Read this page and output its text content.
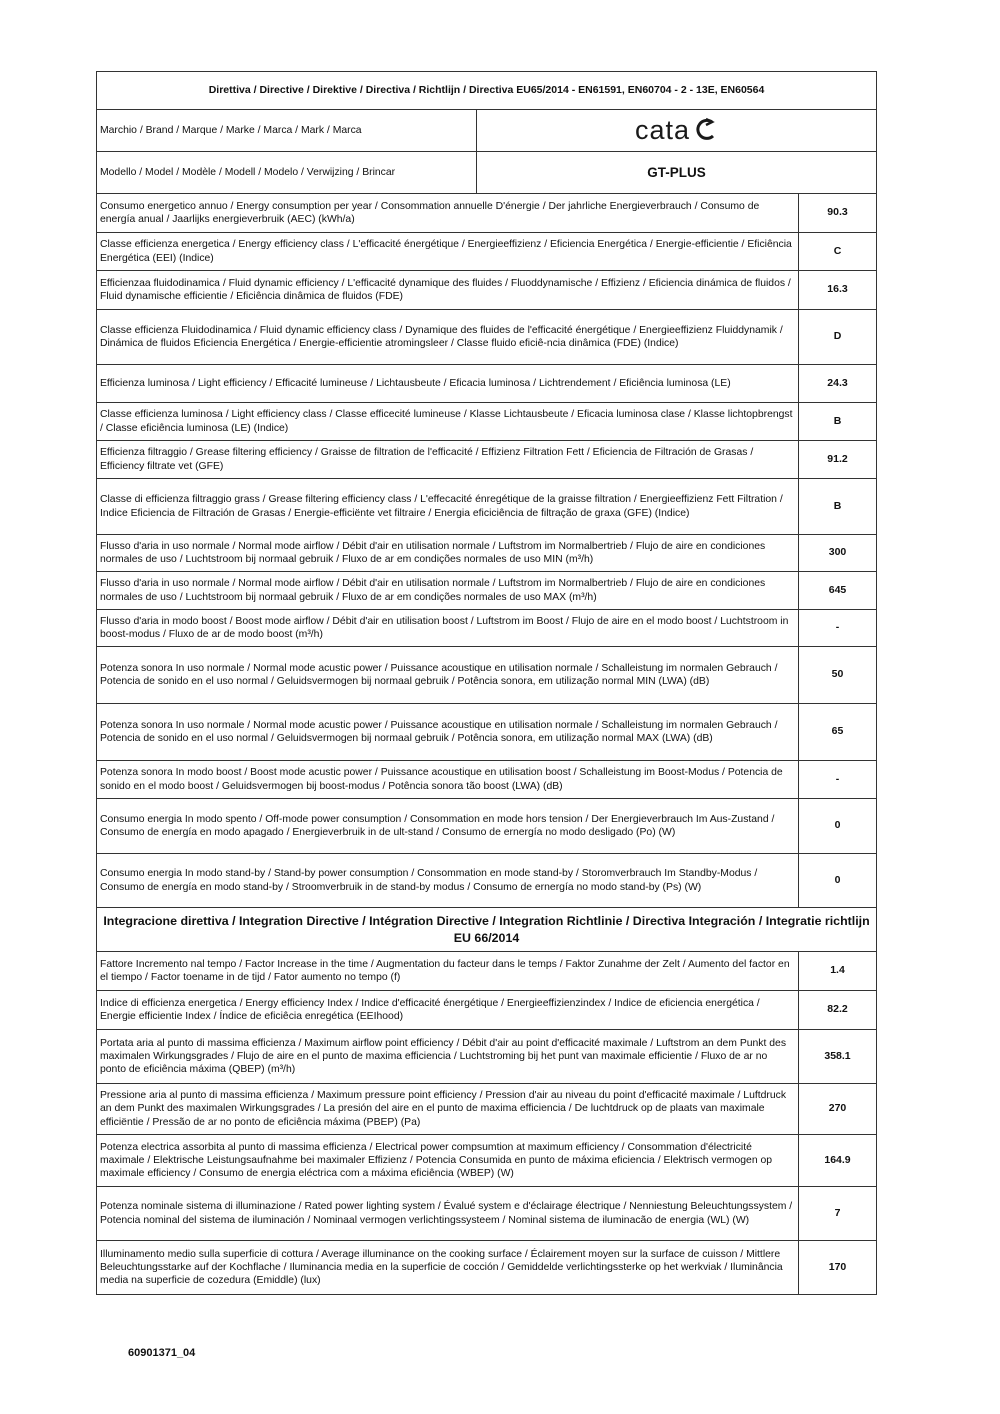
Direttiva / Directive / Direktive / Directiva / Richtlijn / Directiva EU65/2014 - EN61591, EN60704 - 2 - 13E, EN60564		
Marchio / Brand / Marque / Marke / Marca / Mark / Marca	cata	

Modello / Model / Modèle / Modell / Modelo / Verwijzing / Brincar	GT-PLUS	
Consumo energetico annuo / Energy consumption per year / Consommation annuelle D'énergie / Der jahrliche Energieverbrauch / Consumo de energía anual / Jaarlijks energieverbruik (AEC) (kWh/a)		90.3
Classe efficienza energetica / Energy efficiency class / L'efficacité énergétique / Energieeffizienz / Eficiencia Energética / Energie-efficientie / Eficiência Energética (EEI) (Indice)		C
Efficienzaa fluidodinamica / Fluid dynamic efficiency / L'efficacité dynamique des fluides / Fluoddynamische / Effizienz / Eficiencia dinámica de fluidos / Fluid dynamische efficientie / Eficiência dinâmica de fluidos (FDE)		16.3
Classe efficienza Fluidodinamica / Fluid dynamic efficiency class / Dynamique des fluides de l'efficacité énergétique / Energieeffizienz Fluiddynamik / Dinámica de fluidos Eficiencia Energética / Energie-efficientie atromingsleer / Classe fluido eficiê-ncia dinâmica (FDE) (Indice)		D
Efficienza luminosa / Light efficiency / Efficacité lumineuse / Lichtausbeute / Eficacia luminosa / Lichtrendement / Eficiência luminosa (LE)		24.3
Classe efficienza luminosa / Light efficiency class / Classe efficecité lumineuse / Klasse Lichtausbeute / Eficacia luminosa clase / Klasse lichtopbrengst / Classe eficiência luminosa (LE) (Indice)		B
Efficienza filtraggio / Grease filtering efficiency / Graisse de filtration de l'efficacité / Effizienz Filtration Fett / Eficiencia de Filtración de Grasas / Efficiency filtrate vet (GFE)		91.2
Classe di efficienza filtraggio grass / Grease filtering efficiency class / L'effecacité énregétique de la graisse filtration / Energieeffizienz Fett Filtration / Indice Eficiencia de Filtración de Grasas / Energie-efficiënte vet filtraire / Energia eficiciência de filtração de graxa (GFE) (Indice)		B
Flusso d'aria in uso normale / Normal mode airflow / Débit d'air en utilisation normale / Luftstrom im Normalbertrieb / Flujo de aire en condiciones normales de uso / Luchtstroom bij normaal gebruik / Fluxo de ar em condições normales de uso MIN (m³/h)		300
Flusso d'aria in uso normale / Normal mode airflow / Débit d'air en utilisation normale / Luftstrom im Normalbertrieb / Flujo de aire en condiciones normales de uso / Luchtstroom bij normaal gebruik / Fluxo de ar em condições normales de uso MAX (m³/h)		645
Flusso d'aria in modo boost / Boost mode airflow / Débit d'air en utilisation boost / Luftstrom im Boost / Flujo de aire en el modo boost / Luchtstroom in boost-modus / Fluxo de ar de modo boost (m³/h)		-
Potenza sonora In uso normale / Normal mode acustic power / Puissance acoustique en utilisation normale / Schalleistung im normalen Gebrauch / Potencia de sonido en el uso normal / Geluidsvermogen bij normaal gebruik / Potência sonora, em utilização normal MIN (LWA) (dB)		50
Potenza sonora In uso normale / Normal mode acustic power / Puissance acoustique en utilisation normale / Schalleistung im normalen Gebrauch / Potencia de sonido en el uso normal / Geluidsvermogen bij normaal gebruik / Potência sonora, em utilização normal MAX (LWA) (dB)		65
Potenza sonora In modo boost / Boost mode acustic power / Puissance acoustique en utilisation boost / Schalleistung im Boost-Modus / Potencia de sonido en el modo boost / Geluidsvermogen bij boost-modus / Potência sonora tão boost (LWA) (dB)		-
Consumo energia In modo spento / Off-mode power consumption / Consommation en mode hors tension / Der Energieverbrauch Im Aus-Zustand / Consumo de energía en modo apagado / Energieverbruik in de ult-stand / Consumo de ernergía no modo desligado (Po) (W)		0
Consumo energia In modo stand-by / Stand-by power consumption / Consommation en mode stand-by / Storomverbrauch Im Standby-Modus / Consumo de energía en modo stand-by / Stroomverbruik in de stand-by modus / Consumo de ernergía no modo stand-by (Ps) (W)		0
Integracione direttiva / Integration Directive / Intégration Directive / Integration Richtlinie / Directiva Integración / Integratie richtlijn EU 66/2014		
Fattore Incremento nal tempo / Factor Increase in the time / Augmentation du facteur dans le temps / Faktor Zunahme der Zelt / Aumento del factor en el tiempo / Factor toename in de tijd / Fator aumento no tempo (f)		1.4
Indice di efficienza energetica / Energy efficiency Index / Indice d'efficacité énergétique / Energieeffizienzindex / Indice de eficiencia energética / Energie efficientie Index / Índice de eficiêcia enregética (EEIhood)		82.2
Portata aria al punto di massima efficienza / Maximum airflow point efficiency / Débit d'air au point d'efficacité maximale / Luftstrom an dem Punkt des maximalen Wirkungsgrades / Flujo de aire en el punto de maxima efficiencia / Luchtstroming bij het punt van maximale efficientie / Fluxo de ar no ponto de eficiência máxima (QBEP) (m³/h)		358.1
Pressione aria al punto di massima efficienza / Maximum pressure point efficiency / Pression d'air au niveau du point d'efficacité maximale / Luftdruck an dem Punkt des maximalen Wirkungsgrades / La presión del aire en el punto de maxima efficiencia / De luchtdruck op de plaats van maximale efficiëntie / Pressão de ar no ponto de eficiência máxima (PBEP) (Pa)		270
Potenza electrica assorbita al punto di massima efficienza / Electrical power compsumtion at maximum efficiency / Consommation d'électricité maximale / Elektrische Leistungsaufnahme bei maximaler Effizienz / Potencia Consumida en punto de máxima eficiencia / Elektrisch vermogen op maximale efficiency / Consumo de energia eléctrica com a máxima eficiência (WBEP) (W)		164.9
Potenza nominale sistema di illuminazione / Rated power lighting system / Évalué system e d'éclairage électrique / Nenniestung Beleuchtungssystem / Potencia nominal del sistema de iluminación / Nominaal vermogen verlichtingssysteem / Nominal sistema de iluminacão de energia (WL) (W)		7
Illuminamento medio sulla superficie di cottura / Average illuminance on the cooking surface / Éclairement moyen sur la surface de cuisson / Mittlere Beleuchtungsstarke auf der Kochflache / Iluminancia media en la superficie de cocción / Gemiddelde verlichtingssterke op het werkviak / Iluminância media na superficie de cozedura (Emiddle) (lux)		170
60901371_04
